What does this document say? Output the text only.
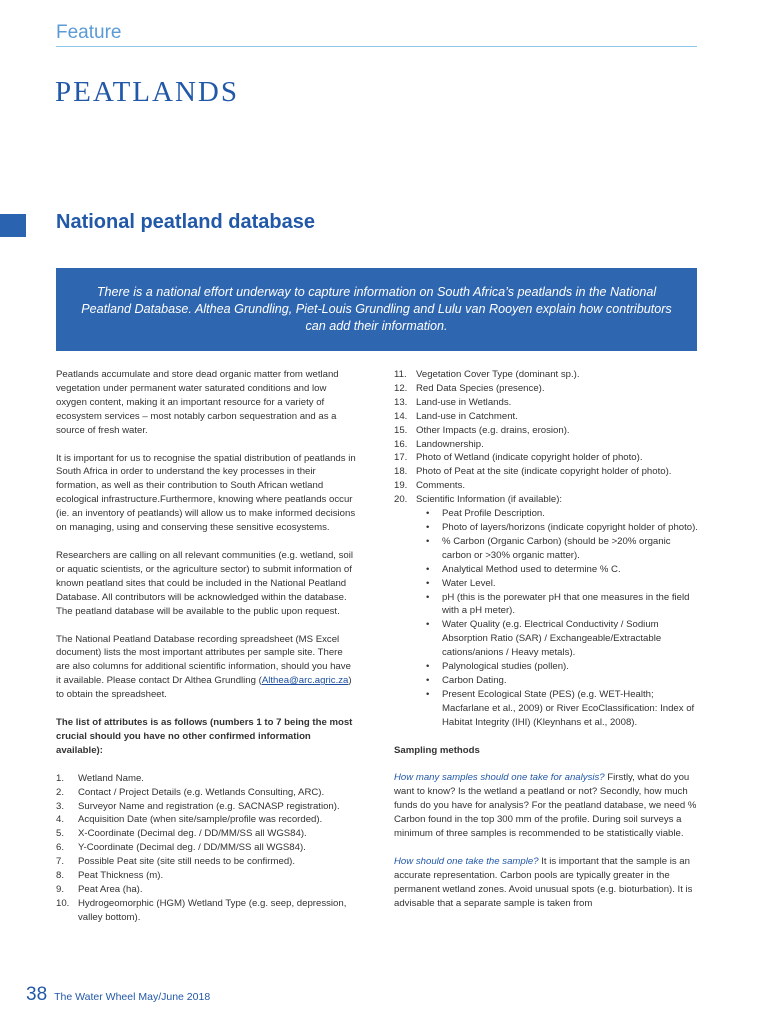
Feature
PEATLANDS
National peatland database
There is a national effort underway to capture information on South Africa’s peatlands in the National Peatland Database. Althea Grundling, Piet-Louis Grundling and Lulu van Rooyen explain how contributors can add their information.

Peatlands accumulate and store dead organic matter from wetland vegetation under permanent water saturated conditions and low oxygen content, making it an important resource for a variety of ecosystem services – most notably carbon sequestration and as a source of fresh water.

It is important for us to recognise the spatial distribution of peatlands in South Africa in order to understand the key processes in their formation, as well as their contribution to South African wetland ecological infrastructure.Furthermore, knowing where peatlands occur (ie. an inventory of peatlands) will allow us to make informed decisions on managing, using and conserving these sensitive ecosystems.

Researchers are calling on all relevant communities (e.g. wetland, soil or aquatic scientists, or the agriculture sector) to submit information of known peatland sites that could be included in the National Peatland Database. All contributors will be acknowledged within the database. The peatland database will be available to the public upon request.

The National Peatland Database recording spreadsheet (MS Excel document) lists the most important attributes per sample site. There are also columns for additional scientific information, should you have it available. Please contact Dr Althea Grundling (Althea@arc.agric.za) to obtain the spreadsheet.

The list of attributes is as follows (numbers 1 to 7 being the most crucial should you have no other confirmed information available):

1.	Wetland Name.
2.	Contact / Project Details (e.g. Wetlands Consulting, ARC).
3.	Surveyor Name and registration (e.g. SACNASP registration).
4.	Acquisition Date (when site/sample/profile was recorded).
5.	X-Coordinate (Decimal deg. / DD/MM/SS all WGS84).
6.	Y-Coordinate (Decimal deg. / DD/MM/SS all WGS84).
7.	Possible Peat site (site still needs to be confirmed).
8.	Peat Thickness (m).
9.	Peat Area (ha).
10. Hydrogeomorphic (HGM) Wetland Type (e.g. seep, depression, valley bottom).
11. Vegetation Cover Type (dominant sp.).
12. Red Data Species (presence).
13. Land-use in Wetlands.
14. Land-use in Catchment.
15. Other Impacts (e.g. drains, erosion).
16. Landownership.
17. Photo of Wetland (indicate copyright holder of photo).
18. Photo of Peat at the site (indicate copyright holder of photo).
19. Comments.
20. Scientific Information (if available):
•	Peat Profile Description.
•	Photo of layers/horizons (indicate copyright holder of photo).
•	% Carbon (Organic Carbon) (should be >20% organic carbon or >30% organic matter).
•	Analytical Method used to determine % C.
•	Water Level.
•	pH (this is the porewater pH that one measures in the field with a pH meter).
•	Water Quality (e.g. Electrical Conductivity / Sodium Absorption Ratio (SAR) / Exchangeable/Extractable cations/anions / Heavy metals).
•	Palynological studies (pollen).
•	Carbon Dating.
•	Present Ecological State (PES) (e.g. WET-Health; Macfarlane et al., 2009) or River EcoClassification: Index of Habitat Integrity (IHI) (Kleynhans et al., 2008).

Sampling methods

How many samples should one take for analysis? Firstly, what do you want to know? Is the wetland a peatland or not? Secondly, how much funds do you have for analysis? For the peatland database, we need % Carbon found in the top 300 mm of the profile. During soil surveys a minimum of three samples is recommended to be statistically viable.

How should one take the sample? It is important that the sample is an accurate representation. Carbon pools are typically greater in the permanent wetland zones. Avoid unusual spots (e.g. bioturbation). It is advisable that a separate sample is taken from

38 The Water Wheel May/June 2018
